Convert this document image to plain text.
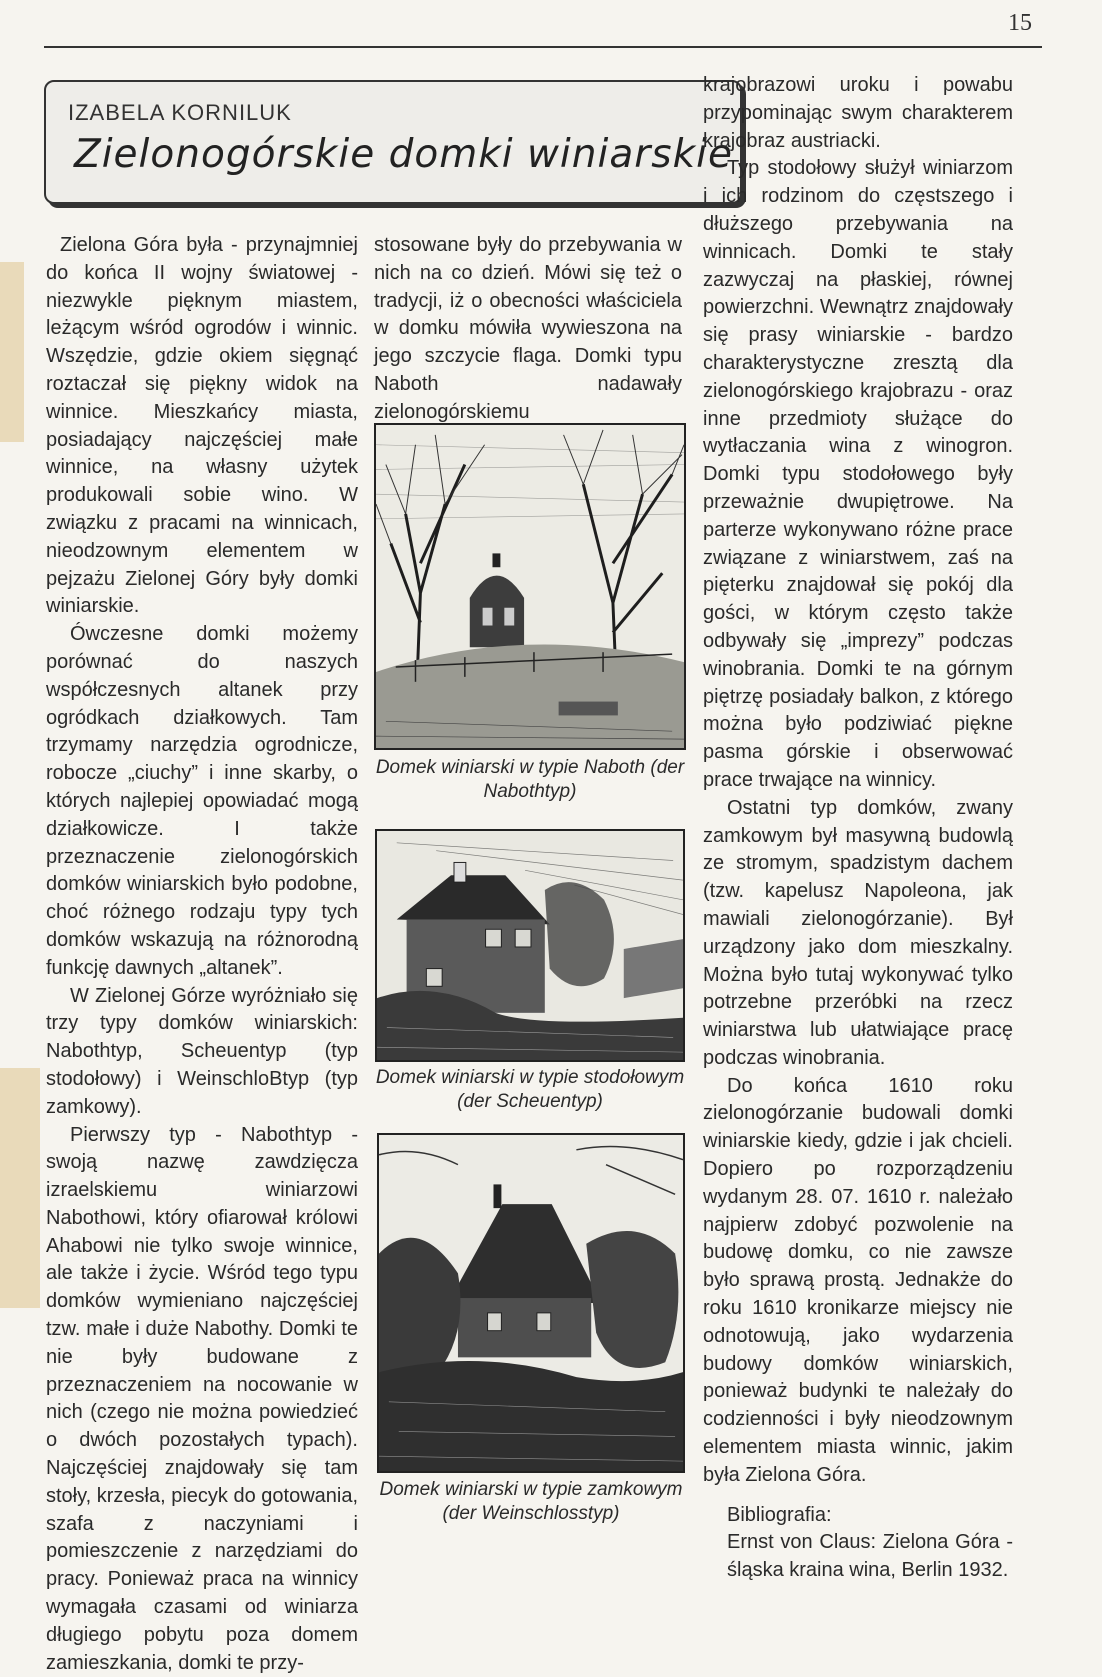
15
IZABELA KORNILUK
Zielonogórskie domki winiarskie

Zielona Góra była - przynajmniej do końca II wojny światowej -niezwykle pięknym miastem, leżącym wśród ogrodów i winnic. Wszędzie, gdzie okiem sięgnąć roztaczał się piękny widok na winnice. Mieszkańcy miasta, posiadający najczęściej małe winnice, na własny użytek produkowali sobie wino. W związku z pracami na winnicach, nieodzownym elementem w pejzażu Zielonej Góry były domki winiarskie.

Ówczesne domki możemy porównać do naszych współczesnych altanek przy ogródkach działkowych. Tam trzymamy narzędzia ogrodnicze, robocze „ciuchy” i inne skarby, o których najlepiej opowiadać mogą działkowicze. I także przeznaczenie zielonogórskich domków winiarskich było podobne, choć różnego rodzaju typy tych domków wskazują na różnorodną funkcję dawnych „altanek”.

W Zielonej Górze wyróżniało się trzy typy domków winiarskich: Nabothtyp, Scheuentyp (typ stodołowy) i WeinschloBtyp (typ zamkowy).

Pierwszy typ - Nabothtyp - swoją nazwę zawdzięcza izraelskiemu winiarzowi Nabothowi, który ofiarował królowi Ahabowi nie tylko swoje winnice, ale także i życie. Wśród tego typu domków wymieniano najczęściej tzw. małe i duże Nabothy. Domki te nie były budowane z przeznaczeniem na nocowanie w nich (czego nie można powiedzieć o dwóch pozostałych typach). Najczęściej znajdowały się tam stoły, krzesła, piecyk do gotowania, szafa z naczyniami i pomieszczenie z narzędziami do pracy. Ponieważ praca na winnicy wymagała czasami od winiarza długiego pobytu poza domem zamieszkania, domki te przy-

stosowane były do przebywania w nich na co dzień. Mówi się też o tradycji, iż o obecności właściciela w domku mówiła wywieszona na jego szczycie flaga. Domki typu Naboth nadawały zielonogórskiemu

Domek winiarski w typie Naboth (der Nabothtyp)
Domek winiarski w typie stodołowym (der Scheuentyp)
Domek winiarski w typie zamkowym (der Weinschlosstyp)

krajobrazowi uroku i powabu przypominając swym charakterem krajobraz austriacki.

Typ stodołowy służył winiarzom i ich rodzinom do częstszego i dłuższego przebywania na winnicach. Domki te stały zazwyczaj na płaskiej, równej powierzchni. Wewnątrz znajdowały się prasy winiarskie - bardzo charakterystyczne zresztą dla zielonogórskiego krajobrazu - oraz inne przedmioty służące do wytłaczania wina z winogron. Domki typu stodołowego były przeważnie dwupiętrowe. Na parterze wykonywano różne prace związane z winiarstwem, zaś na pięterku znajdował się pokój dla gości, w którym często także odbywały się „imprezy” podczas winobrania. Domki te na górnym piętrzę posiadały balkon, z którego można było podziwiać piękne pasma górskie i obserwować prace trwające na winnicy.

Ostatni typ domków, zwany zamkowym był masywną budowlą ze stromym, spadzistym dachem (tzw. kapelusz Napoleona, jak mawiali zielonogórzanie). Był urządzony jako dom mieszkalny. Można było tutaj wykonywać tylko potrzebne przeróbki na rzecz winiarstwa lub ułatwiające pracę podczas winobrania.

Do końca 1610 roku zielonogórzanie budowali domki winiarskie kiedy, gdzie i jak chcieli. Dopiero po rozporządzeniu wydanym 28. 07. 1610 r. należało najpierw zdobyć pozwolenie na budowę domku, co nie zawsze było sprawą prostą. Jednakże do roku 1610 kronikarze miejscy nie odnotowują, jako wydarzenia budowy domków winiarskich, ponieważ budynki te należały do codzienności i były nieodzownym elementem miasta winnic, jakim była Zielona Góra.

Bibliografia:
Ernst von Claus: Zielona Góra - śląska kraina wina, Berlin 1932.
